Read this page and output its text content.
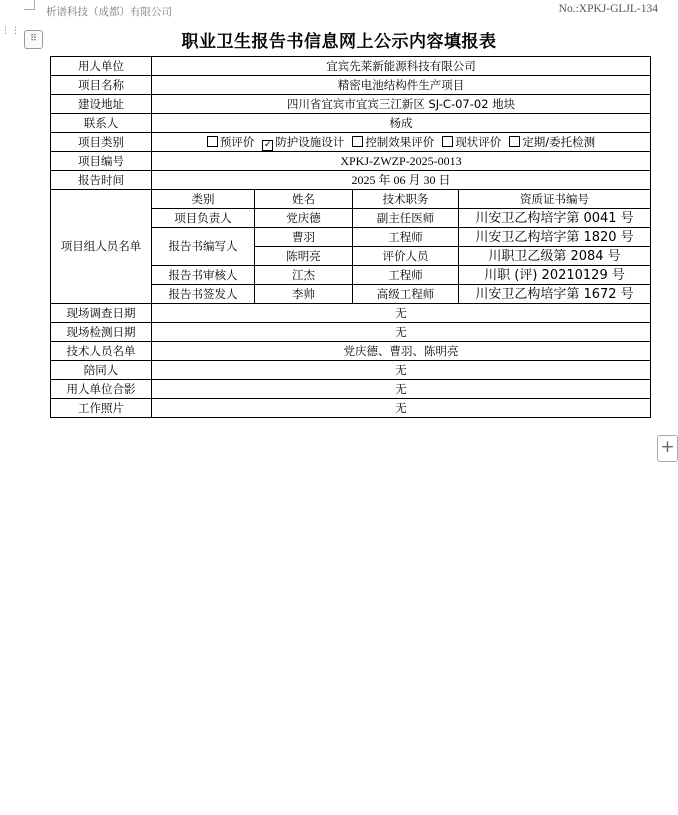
析谱科技（成都）有限公司	No.:XPKJ-GLJL-134
⋮⋮
⠿
+
职业卫生报告书信息网上公示内容填报表
用人单位	宜宾先莱新能源科技有限公司			
项目名称	精密电池结构件生产项目			
建设地址	四川省宜宾市宜宾三江新区 SJ-C-07-02 地块			
联系人	杨成			
项目类别	预评价 ✓ 防护设施设计 控制效果评价 现状评价 定期/委托检测			
项目编号	XPKJ-ZWZP-2025-0013			
报告时间	2025 年 06 月 30 日			
项目组人员名单	类别	姓名	技术职务	资质证书编号
	项目负责人	党庆德	副主任医师	川安卫乙构培字第 0041 号
	报告书编写人	曹羽	工程师	川安卫乙构培字第 1820 号
		陈明亮	评价人员	川职卫乙级第 2084 号
	报告书审核人	江杰	工程师	川职 (评) 20210129 号
	报告书签发人	李帅	高级工程师	川安卫乙构培字第 1672 号
现场调查日期	无			
现场检测日期	无			
技术人员名单	党庆德、曹羽、陈明亮			
陪同人	无			
用人单位合影	无			
工作照片	无			
